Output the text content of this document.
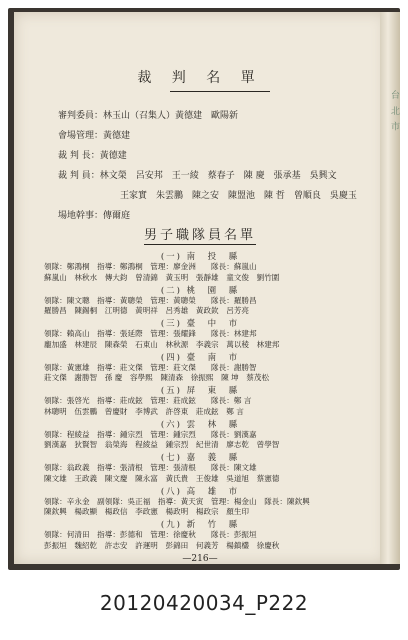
裁 判 名 單
審判委員：林玉山（召集人）黃德建　歐陽新
會場管理：黃德建
裁 判 長：黃德建
裁 判 員：林文榮　呂安邦　王一綾　蔡春子　陳 慶　張承基　吳興文
王家實　朱雲鵬　陳之安　陳盟池　陳 哲　曾順良　吳慶玉
場地幹事：傳爾庭
男子職隊員名單
(一) 南　投　縣
領隊：鄭鴻桐　指導：鄭鴻桐　管理：廖金洲　　隊長：蘇嵐山
蘇嵐山　林秋水　傳大鈞　曾清錦　黃玉明　張靜雄　童文俊　劉竹圍
(二) 桃　園　縣
領隊：陳文聰　指導：黃聰榮　管理：黃聰榮　　隊長：羅勝昌
羅勝昌　陳錫桐　江明德　黃明祥　呂秀雄　黃政欽　呂芳亮
(三) 臺　中　市
領隊：賴高山　指導：張延際　管理：張耀鋒　　隊長：林建邦
龐加盛　林建辰　陳森榮　石東山　林秋源　李義宗　萬以稜　林建邦
(四) 臺　南　市
領隊：黃憲雄　指導：莊文傑　管理：莊文傑　　隊長：謝勝智
莊文傑　謝勝智　孫 慶　容學熙　陳清森　徐振熙　陳 坤　蔡茂松
(五) 屏　東　縣
領隊：張啓光　指導：莊成鉉　管理：莊成鉉　　隊長：鄭 言
林聰明　伍雲鵬　曾慶財　李博武　許啓東　莊成鉉　鄭 言
(六) 雲　林　縣
領隊：程綾益　指導：鍾宗烈　管理：鍾宗烈　　隊長：劉漢嘉
劉漢嘉　狄賢智　翁榮海　程綾益　鍾宗烈　紀世清　廖志乾　曾學智
(七) 嘉　義　縣
領隊：翁政義　指導：張清根　管理：張清根　　隊長：陳文雄
陳文雄　王政義　陳文慶　陳永富　黃氏貴　王俊雄　吳道旭　蔡憲德
(八) 高　雄　市
領隊：辛永金　副領隊：吳正福　指導：黃天寅　管理：楊金山　隊長：陳欽興
陳欽興　楊政顯　楊政信　李政憲　楊政明　楊政宗　顏生印
(九) 新　竹　縣
領隊：何清田　指導：彭德和　管理：徐慶秋　　隊長：彭振垣
彭振垣　魏紹乾　許志安　許運明　彭錦田　何義芳　楊鎮欉　徐慶秋
—216—
台 北 市
20120420034_P222
